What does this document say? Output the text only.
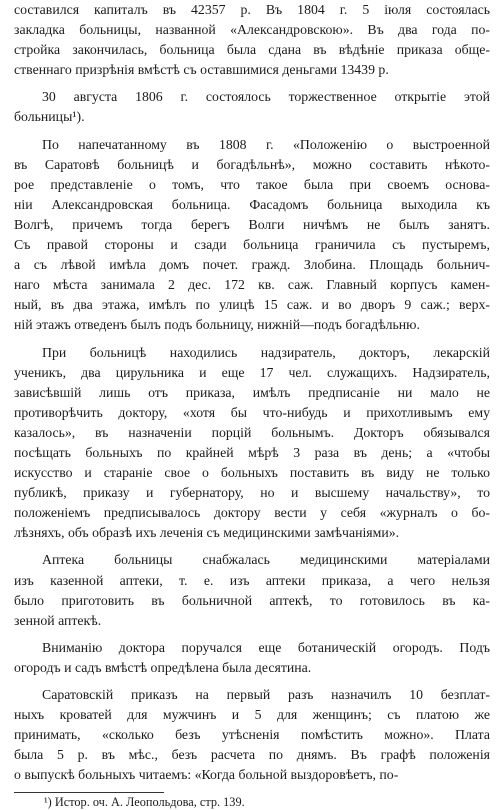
составился капиталъ въ 42357 р. Въ 1804 г. 5 іюля состоялась
закладка больницы, названной «Александровскою». Въ два года по-
стройка закончилась, больница была сдана въ вѣдѣніе приказа обще-
ственнаго призрѣнія вмѣстѣ съ оставшимися деньгами 13439 р.
30 августа 1806 г. состоялось торжественное открытіе этой
больницы¹).
По напечатанному въ 1808 г. «Положенію о выстроенной
въ Саратовѣ больницѣ и богадѣльнѣ», можно составить нѣкото-
рое представленіе о томъ, что такое была при своемъ основа-
ніи Александровская больница. Фасадомъ больница выходила къ
Волгѣ, причемъ тогда берегъ Волги ничѣмъ не былъ занятъ.
Съ правой стороны и сзади больница граничила съ пустыремъ,
а съ лѣвой имѣла домъ почет. гражд. Злобина. Площадь больнич-
наго мѣста занимала 2 дес. 172 кв. саж. Главный корпусъ камен-
ный, въ два этажа, имѣлъ по улицѣ 15 саж. и во дворъ 9 саж.; верх-
ній этажъ отведенъ былъ подъ больницу, нижній—подъ богадѣльню.
При больницѣ находились надзиратель, докторъ, лекарскій
ученикъ, два цирульника и еще 17 чел. служащихъ. Надзиратель,
зависѣвшій лишь отъ приказа, имѣлъ предписаніе ни мало не
противорѣчить доктору, «хотя бы что-нибудь и прихотливымъ ему
казалось», въ назначеніи порцій больнымъ. Докторъ обязывался
посѣщать больныхъ по крайней мѣрѣ 3 раза въ день; а «чтобы
искусство и стараніе свое о больныхъ поставить въ виду не только
публикѣ, приказу и губернатору, но и высшему начальству», то
положеніемъ предписывалось доктору вести у себя «журналъ о бо-
лѣзняхъ, объ образѣ ихъ леченія съ медицинскими замѣчаніями».
Аптека больницы снабжалась медицинскими матеріалами
изъ казенной аптеки, т. е. изъ аптеки приказа, а чего нельзя
было приготовить въ больничной аптекѣ, то готовилось въ ка-
зенной аптекѣ.
Вниманію доктора поручался еще ботаническій огородъ. Подъ
огородъ и садъ вмѣстѣ опредѣлена была десятина.
Саратовскій приказъ на первый разъ назначилъ 10 безплат-
ныхъ кроватей для мужчинъ и 5 для женщинъ; съ платою же
принимать, «сколько безъ утѣсненія помѣстить можно». Плата
была 5 р. въ мѣс., безъ расчета по днямъ. Въ графѣ положенія
о выпускѣ больныхъ читаемъ: «Когда больной выздоровѣетъ, по-
¹) Истор. оч. А. Леопольдова, стр. 139.
